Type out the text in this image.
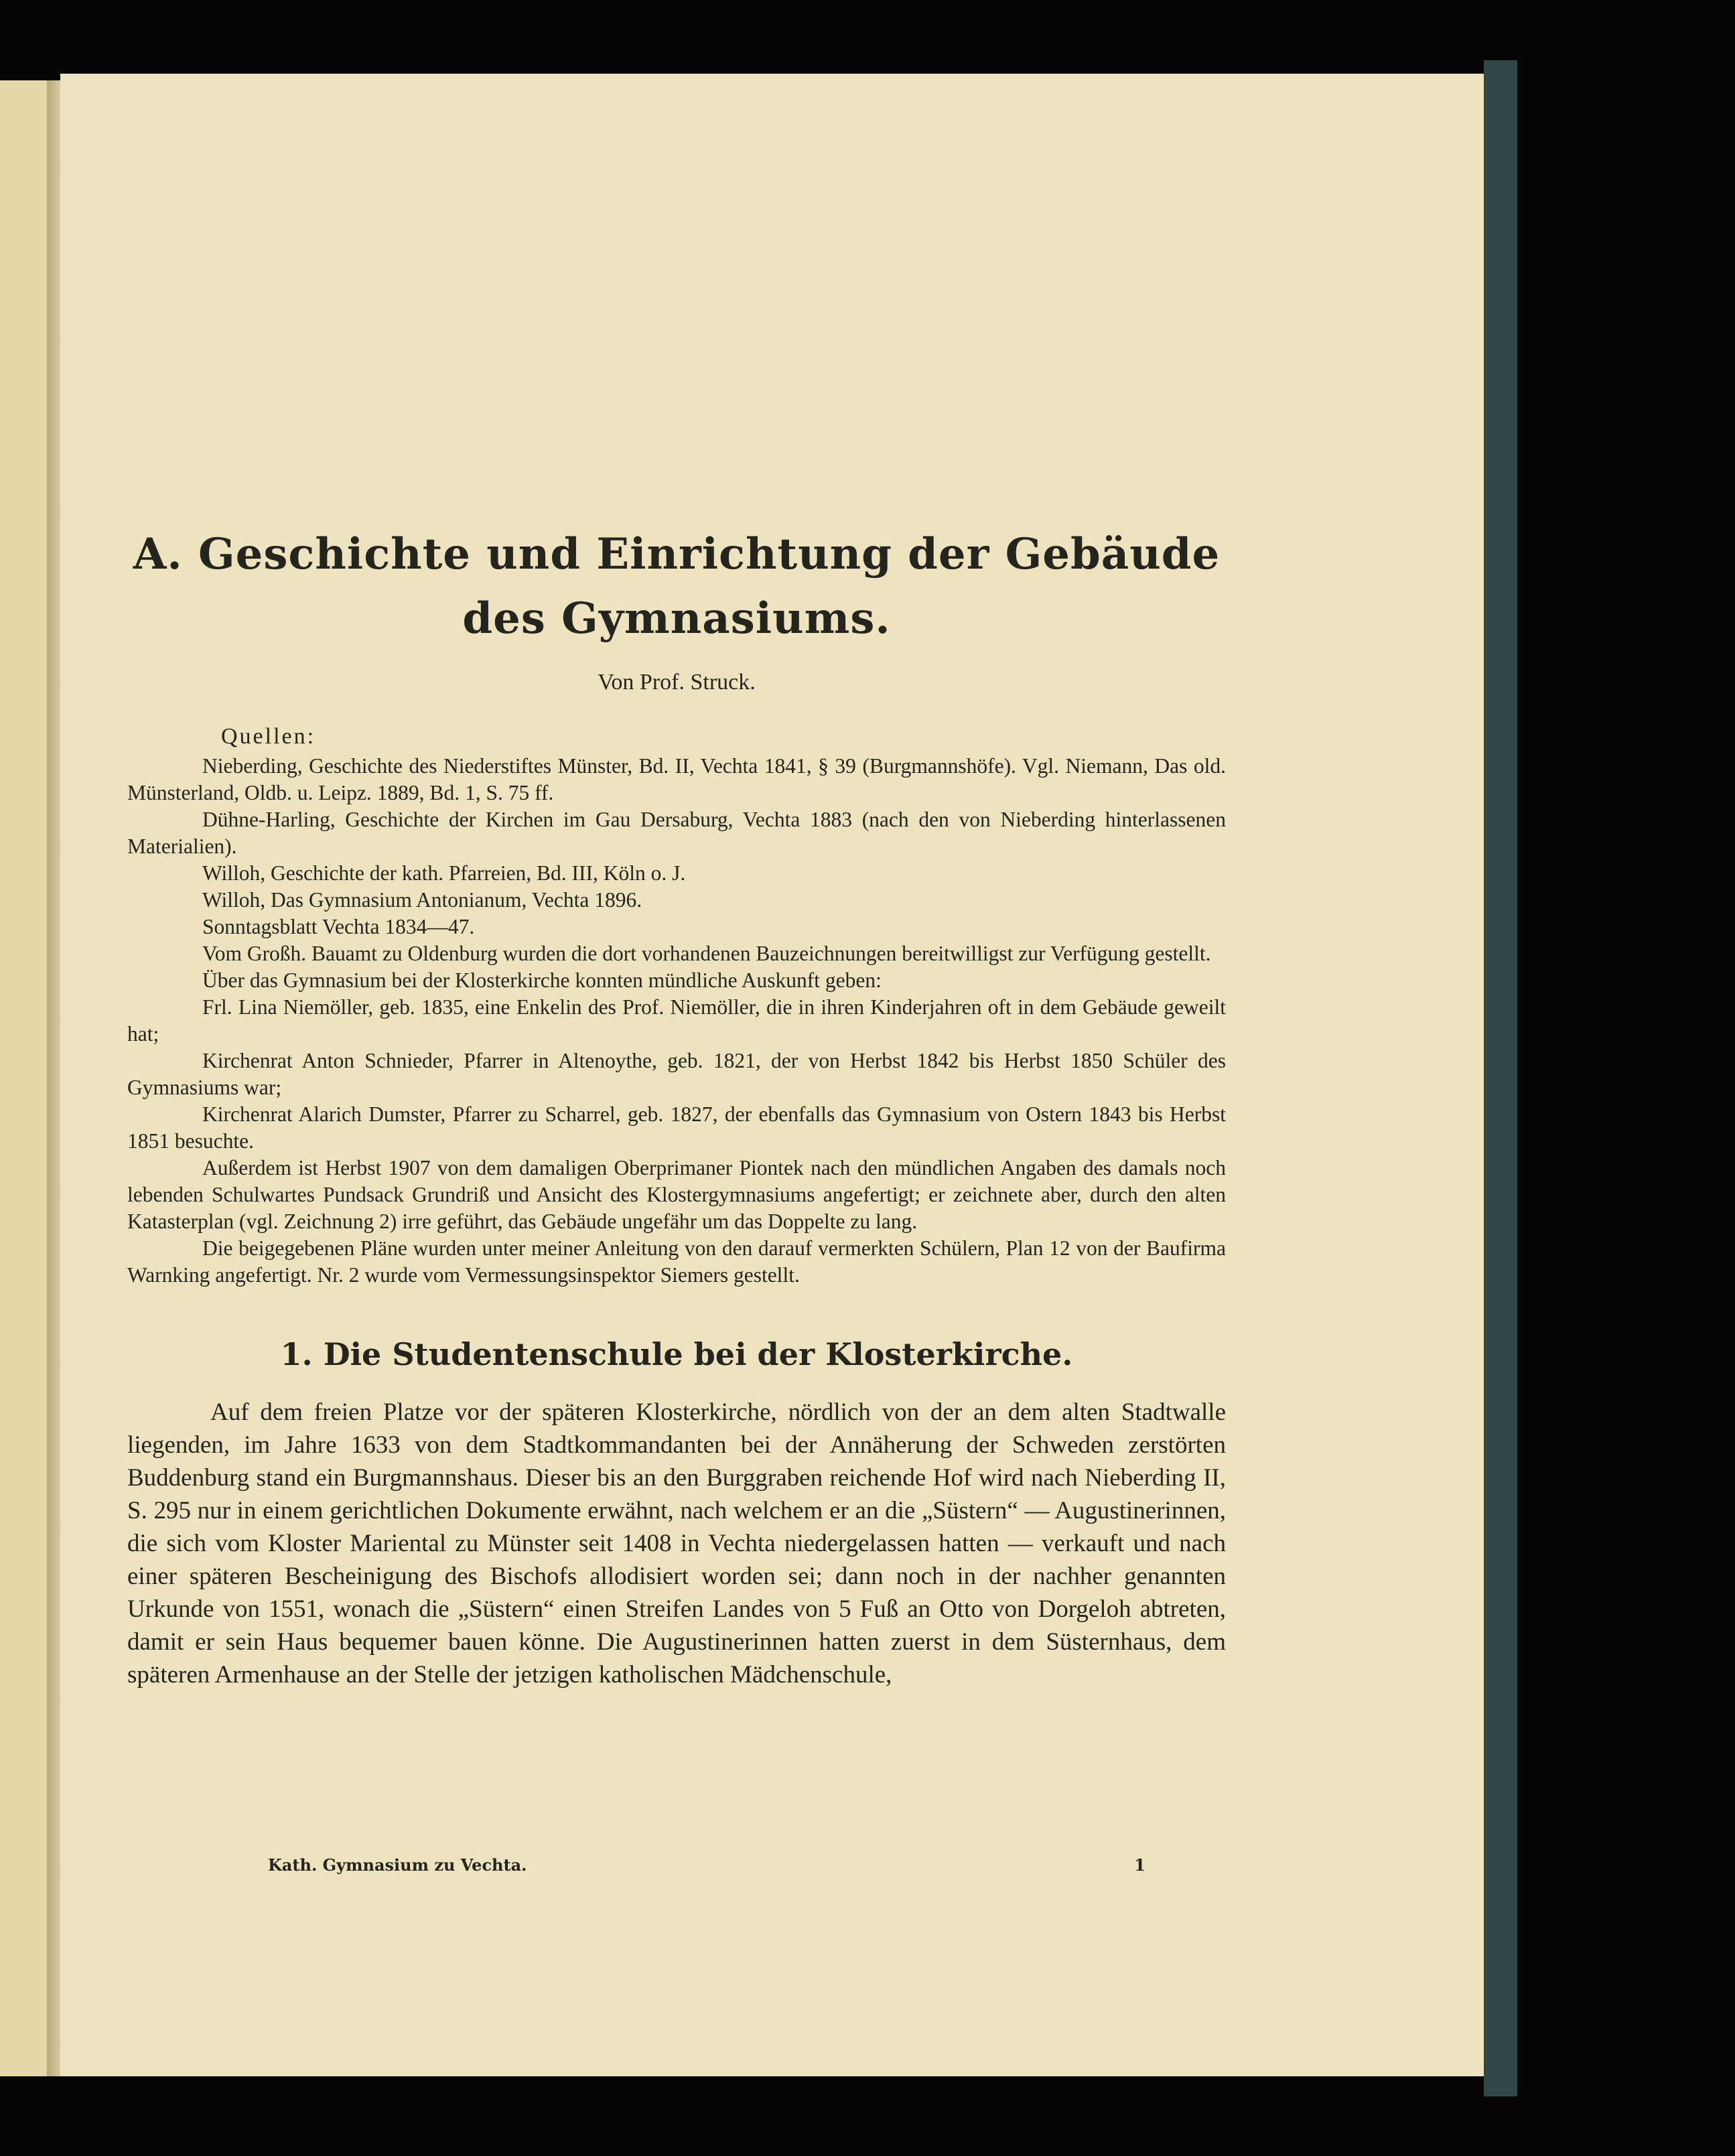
A. Geschichte und Einrichtung der Gebäude
des Gymnasiums.
Von Prof. Struck.
Quellen:

Nieberding, Geschichte des Niederstiftes Münster, Bd. II, Vechta 1841, § 39 (Burgmannshöfe). Vgl. Niemann, Das old. Münsterland, Oldb. u. Leipz. 1889, Bd. 1, S. 75 ff.

Dühne-Harling, Geschichte der Kirchen im Gau Dersaburg, Vechta 1883 (nach den von Nieberding hinterlassenen Materialien).

Willoh, Geschichte der kath. Pfarreien, Bd. III, Köln o. J.

Willoh, Das Gymnasium Antonianum, Vechta 1896.

Sonntagsblatt Vechta 1834—47.

Vom Großh. Bauamt zu Oldenburg wurden die dort vorhandenen Bauzeichnungen bereitwilligst zur Verfügung gestellt.

Über das Gymnasium bei der Klosterkirche konnten mündliche Auskunft geben:

Frl. Lina Niemöller, geb. 1835, eine Enkelin des Prof. Niemöller, die in ihren Kinderjahren oft in dem Gebäude geweilt hat;

Kirchenrat Anton Schnieder, Pfarrer in Altenoythe, geb. 1821, der von Herbst 1842 bis Herbst 1850 Schüler des Gymnasiums war;

Kirchenrat Alarich Dumster, Pfarrer zu Scharrel, geb. 1827, der ebenfalls das Gymnasium von Ostern 1843 bis Herbst 1851 besuchte.

Außerdem ist Herbst 1907 von dem damaligen Oberprimaner Piontek nach den mündlichen Angaben des damals noch lebenden Schulwartes Pundsack Grundriß und Ansicht des Klostergymnasiums angefertigt; er zeichnete aber, durch den alten Katasterplan (vgl. Zeichnung 2) irre geführt, das Gebäude ungefähr um das Doppelte zu lang.

Die beigegebenen Pläne wurden unter meiner Anleitung von den darauf vermerkten Schülern, Plan 12 von der Baufirma Warnking angefertigt. Nr. 2 wurde vom Vermessungsinspektor Siemers gestellt.

1. Die Studentenschule bei der Klosterkirche.

Auf dem freien Platze vor der späteren Klosterkirche, nördlich von der an dem alten Stadtwalle liegenden, im Jahre 1633 von dem Stadtkommandanten bei der Annäherung der Schweden zerstörten Buddenburg stand ein Burgmannshaus. Dieser bis an den Burggraben reichende Hof wird nach Nieberding II, S. 295 nur in einem gerichtlichen Dokumente erwähnt, nach welchem er an die „Süstern“ — Augustinerinnen, die sich vom Kloster Mariental zu Münster seit 1408 in Vechta niedergelassen hatten — verkauft und nach einer späteren Bescheinigung des Bischofs allodisiert worden sei; dann noch in der nachher genannten Urkunde von 1551, wonach die „Süstern“ einen Streifen Landes von 5 Fuß an Otto von Dorgeloh abtreten, damit er sein Haus bequemer bauen könne. Die Augustinerinnen hatten zuerst in dem Süsternhaus, dem späteren Armenhause an der Stelle der jetzigen katholischen Mädchenschule,

Kath. Gymnasium zu Vechta.	1
